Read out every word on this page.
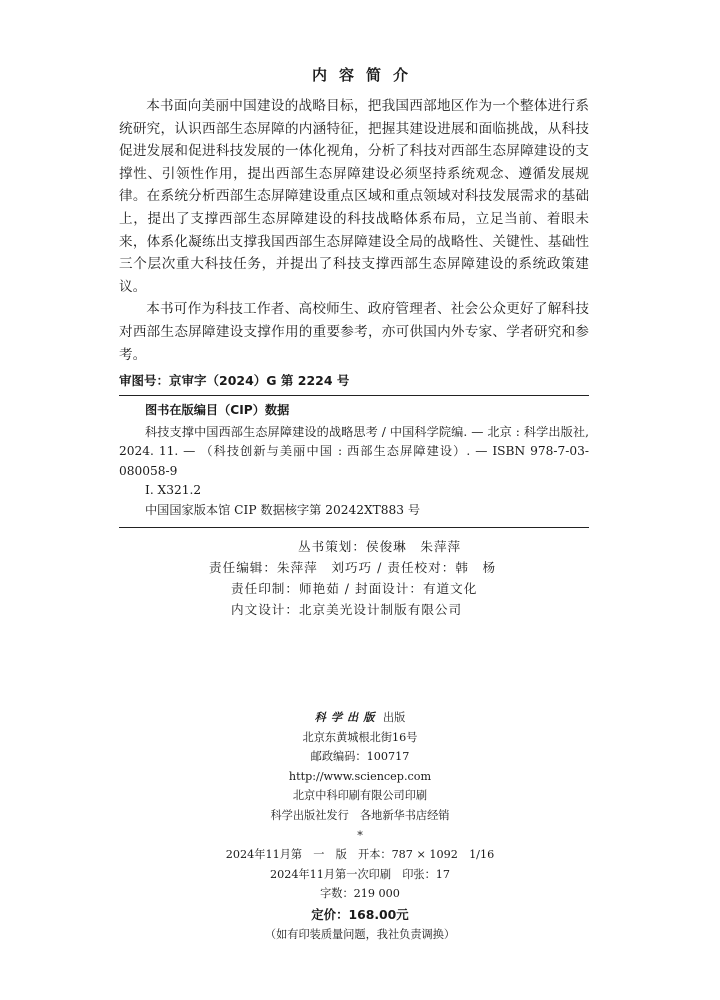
内容简介

本书面向美丽中国建设的战略目标，把我国西部地区作为一个整体进行系统研究，认识西部生态屏障的内涵特征，把握其建设进展和面临挑战，从科技促进发展和促进科技发展的一体化视角，分析了科技对西部生态屏障建设的支撑性、引领性作用，提出西部生态屏障建设必须坚持系统观念、遵循发展规律。在系统分析西部生态屏障建设重点区域和重点领域对科技发展需求的基础上，提出了支撑西部生态屏障建设的科技战略体系布局，立足当前、着眼未来，体系化凝练出支撑我国西部生态屏障建设全局的战略性、关键性、基础性三个层次重大科技任务，并提出了科技支撑西部生态屏障建设的系统政策建议。

本书可作为科技工作者、高校师生、政府管理者、社会公众更好了解科技对西部生态屏障建设支撑作用的重要参考，亦可供国内外专家、学者研究和参考。

审图号：京审字（2024）G 第 2224 号
图书在版编目（CIP）数据
科技支撑中国西部生态屏障建设的战略思考 / 中国科学院编. — 北京 : 科学出版社, 2024. 11. — （科技创新与美丽中国 : 西部生态屏障建设）. — ISBN 978-7-03-080058-9
Ⅰ. X321.2
中国国家版本馆 CIP 数据核字第 20242XT883 号
丛书策划：侯俊琳　朱萍萍
责任编辑：朱萍萍　刘巧巧 / 责任校对：韩　杨
责任印制：师艳茹 / 封面设计：有道文化
内文设计：北京美光设计制版有限公司
科学出版 出版
北京东黄城根北街16号
邮政编码：100717
http://www.sciencep.com
北京中科印刷有限公司印刷
科学出版社发行　各地新华书店经销
*
2024年11月第　一　版　开本：787 × 1092　1/16
2024年11月第一次印刷　印张：17
字数：219 000
定价：168.00元
（如有印装质量问题，我社负责调换）
